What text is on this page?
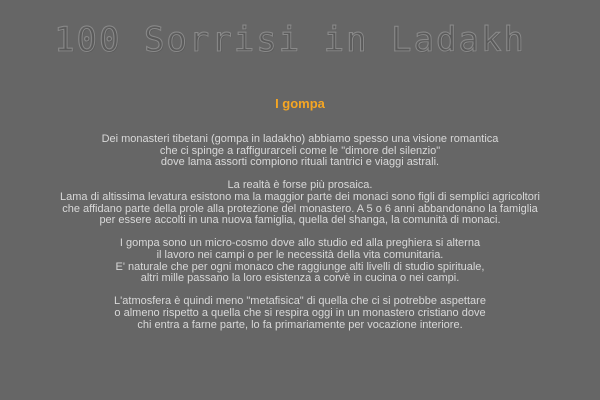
100 Sorrisi in Ladakh
I gompa

Dei monasteri tibetani (gompa in ladakho) abbiamo spesso una visione romantica
che ci spinge a raffigurarceli come le "dimore del silenzio"
dove lama assorti compiono rituali tantrici e viaggi astrali.

La realtà è forse più prosaica.
Lama di altissima levatura esistono ma la maggior parte dei monaci sono figli di semplici agricoltori
che affidano parte della prole alla protezione del monastero. A 5 o 6 anni abbandonano la famiglia
per essere accolti in una nuova famiglia, quella del shanga, la comunità di monaci.

I gompa sono un micro-cosmo dove allo studio ed alla preghiera si alterna
il lavoro nei campi o per le necessità della vita comunitaria.
E' naturale che per ogni monaco che raggiunge alti livelli di studio spirituale,
altri mille passano la loro esistenza a corvè in cucina o nei campi.

L'atmosfera è quindi meno "metafisica" di quella che ci si potrebbe aspettare
o almeno rispetto a quella che si respira oggi in un monastero cristiano dove
chi entra a farne parte, lo fa primariamente per vocazione interiore.
